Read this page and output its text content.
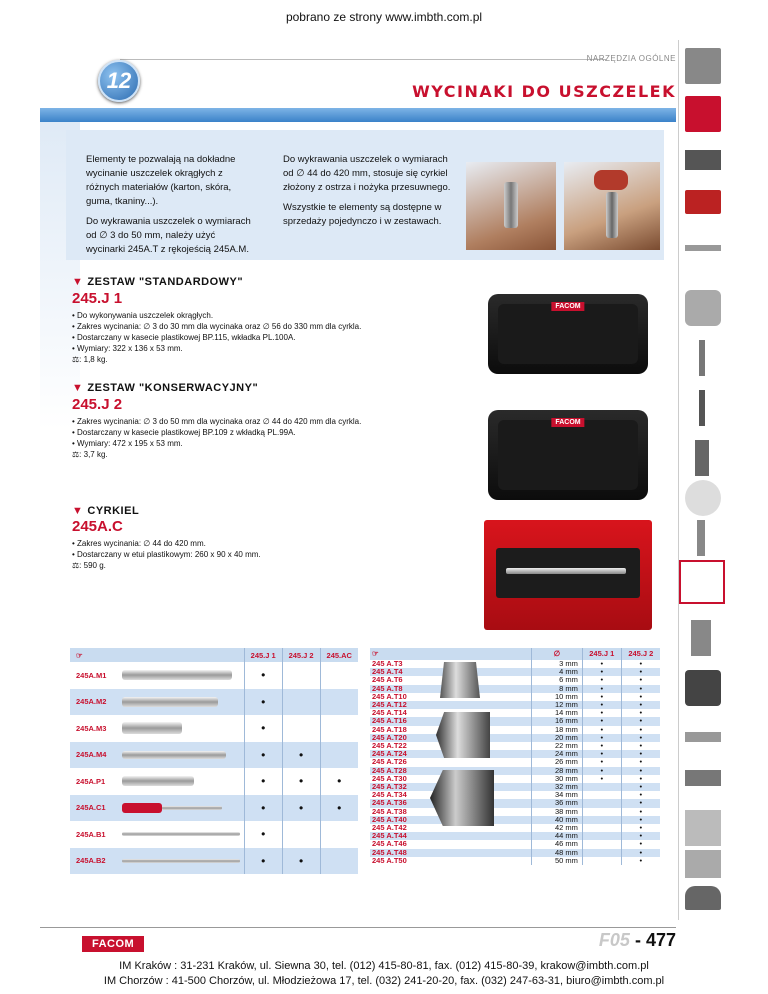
pobrano ze strony www.imbth.com.pl
NARZĘDZIA OGÓLNE
12	WYCINAKI DO USZCZELEK

Elementy te pozwalają na dokładne wycinanie uszczelek okrągłych z różnych materiałów (karton, skóra, guma, tkaniny...).

Do wykrawania uszczelek o wymiarach od ∅ 3 do 50 mm, należy użyć wycinarki 245A.T z rękojeścią 245A.M.

Do wykrawania uszczelek o wymiarach od ∅ 44 do 420 mm, stosuje się cyrkiel złożony z ostrza i nożyka przesuwnego.

Wszystkie te elementy są dostępne w sprzedaży pojedynczo i w zestawach.

▼ ZESTAW "STANDARDOWY"
245.J 1
• Do wykonywania uszczelek okrągłych.
• Zakres wycinania: ∅ 3 do 30 mm dla wycinaka oraz ∅ 56 do 330 mm dla cyrkla.
• Dostarczany w kasecie plastikowej BP.115, wkładka PL.100A.
• Wymiary: 322 x 136 x 53 mm.
⚖: 1,8 kg.
FACOM
▼ ZESTAW "KONSERWACYJNY"
245.J 2
• Zakres wycinania: ∅ 3 do 50 mm dla wycinaka oraz ∅ 44 do 420 mm dla cyrkla.
• Dostarczany w kasecie plastikowej BP.109 z wkładką PL.99A.
• Wymiary: 472 x 195 x 53 mm.
⚖: 3,7 kg.
FACOM
▼ CYRKIEL
245A.C
• Zakres wycinania: ∅ 44 do 420 mm.
• Dostarczany w etui plastikowym: 260 x 90 x 40 mm.
⚖: 590 g.
☞		245.J 1	245.J 2	245.AC
245A.M1		•		
245A.M2		•		
245A.M3		•		
245A.M4		•	•	
245A.P1		•	•	•
245A.C1		•	•	•
245A.B1		•		
245A.B2		•	•	
☞		∅	245.J 1	245.J 2
245 A.T3		3 mm	•	•
245 A.T4		4 mm	•	•
245 A.T6		6 mm	•	•
245 A.T8		8 mm	•	•
245 A.T10		10 mm	•	•
245 A.T12		12 mm	•	•
245 A.T14		14 mm	•	•
245 A.T16		16 mm	•	•
245 A.T18		18 mm	•	•
245 A.T20		20 mm	•	•
245 A.T22		22 mm	•	•
245 A.T24		24 mm	•	•
245 A.T26		26 mm	•	•
245 A.T28		28 mm	•	•
245 A.T30		30 mm	•	•
245 A.T32		32 mm		•
245 A.T34		34 mm		•
245 A.T36		36 mm		•
245 A.T38		38 mm		•
245 A.T40		40 mm		•
245 A.T42		42 mm		•
245 A.T44		44 mm		•
245 A.T46		46 mm		•
245 A.T48		48 mm		•
245 A.T50		50 mm		•
FACOM	F05 - 477
IM Kraków : 31-231 Kraków, ul. Siewna 30, tel. (012) 415-80-81, fax. (012) 415-80-39, krakow@imbth.com.pl
IM Chorzów : 41-500 Chorzów, ul. Młodzieżowa 17, tel. (032) 241-20-20, fax. (032) 247-63-31, biuro@imbth.com.pl
